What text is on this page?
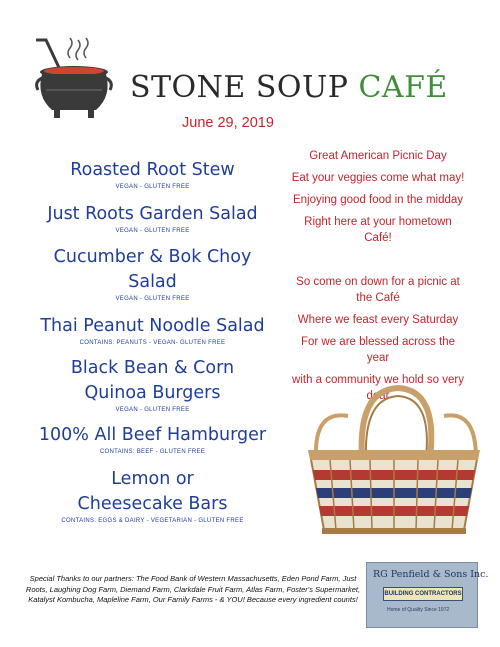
STONE SOUP CAFÉ
June 29, 2019
Roasted Root Stew
VEGAN - GLUTEN FREE
Just Roots Garden Salad
VEGAN - GLUTEN FREE
Cucumber & Bok Choy Salad
VEGAN - GLUTEN FREE
Thai Peanut Noodle Salad
CONTAINS: PEANUTS - VEGAN- GLUTEN FREE
Black Bean & Corn Quinoa Burgers
VEGAN - GLUTEN FREE
100% All Beef Hamburger
CONTAINS: BEEF - GLUTEN FREE
Lemon or Cheesecake Bars
CONTAINS: EGGS & DAIRY - VEGETARIAN - GLUTEN FREE
Great American Picnic Day
Eat your veggies come what may!
Enjoying good food in the midday
Right here at your hometown Café!
So come on down for a picnic at the Café
Where we feast every Saturday
For we are blessed across the year
with a community we hold so very dear
RG Penfield & Sons Inc.
BUILDING CONTRACTORS
Home of Quality Since 1972
Special Thanks to our partners: The Food Bank of Western Massachusetts, Eden Pond Farm, Just Roots, Laughing Dog Farm, Diemand Farm, Clarkdale Fruit Farm, Atlas Farm, Foster's Supermarket, Katalyst Kombucha, Mapleline Farm, Our Family Farms - & YOU! Because every ingredient counts!
